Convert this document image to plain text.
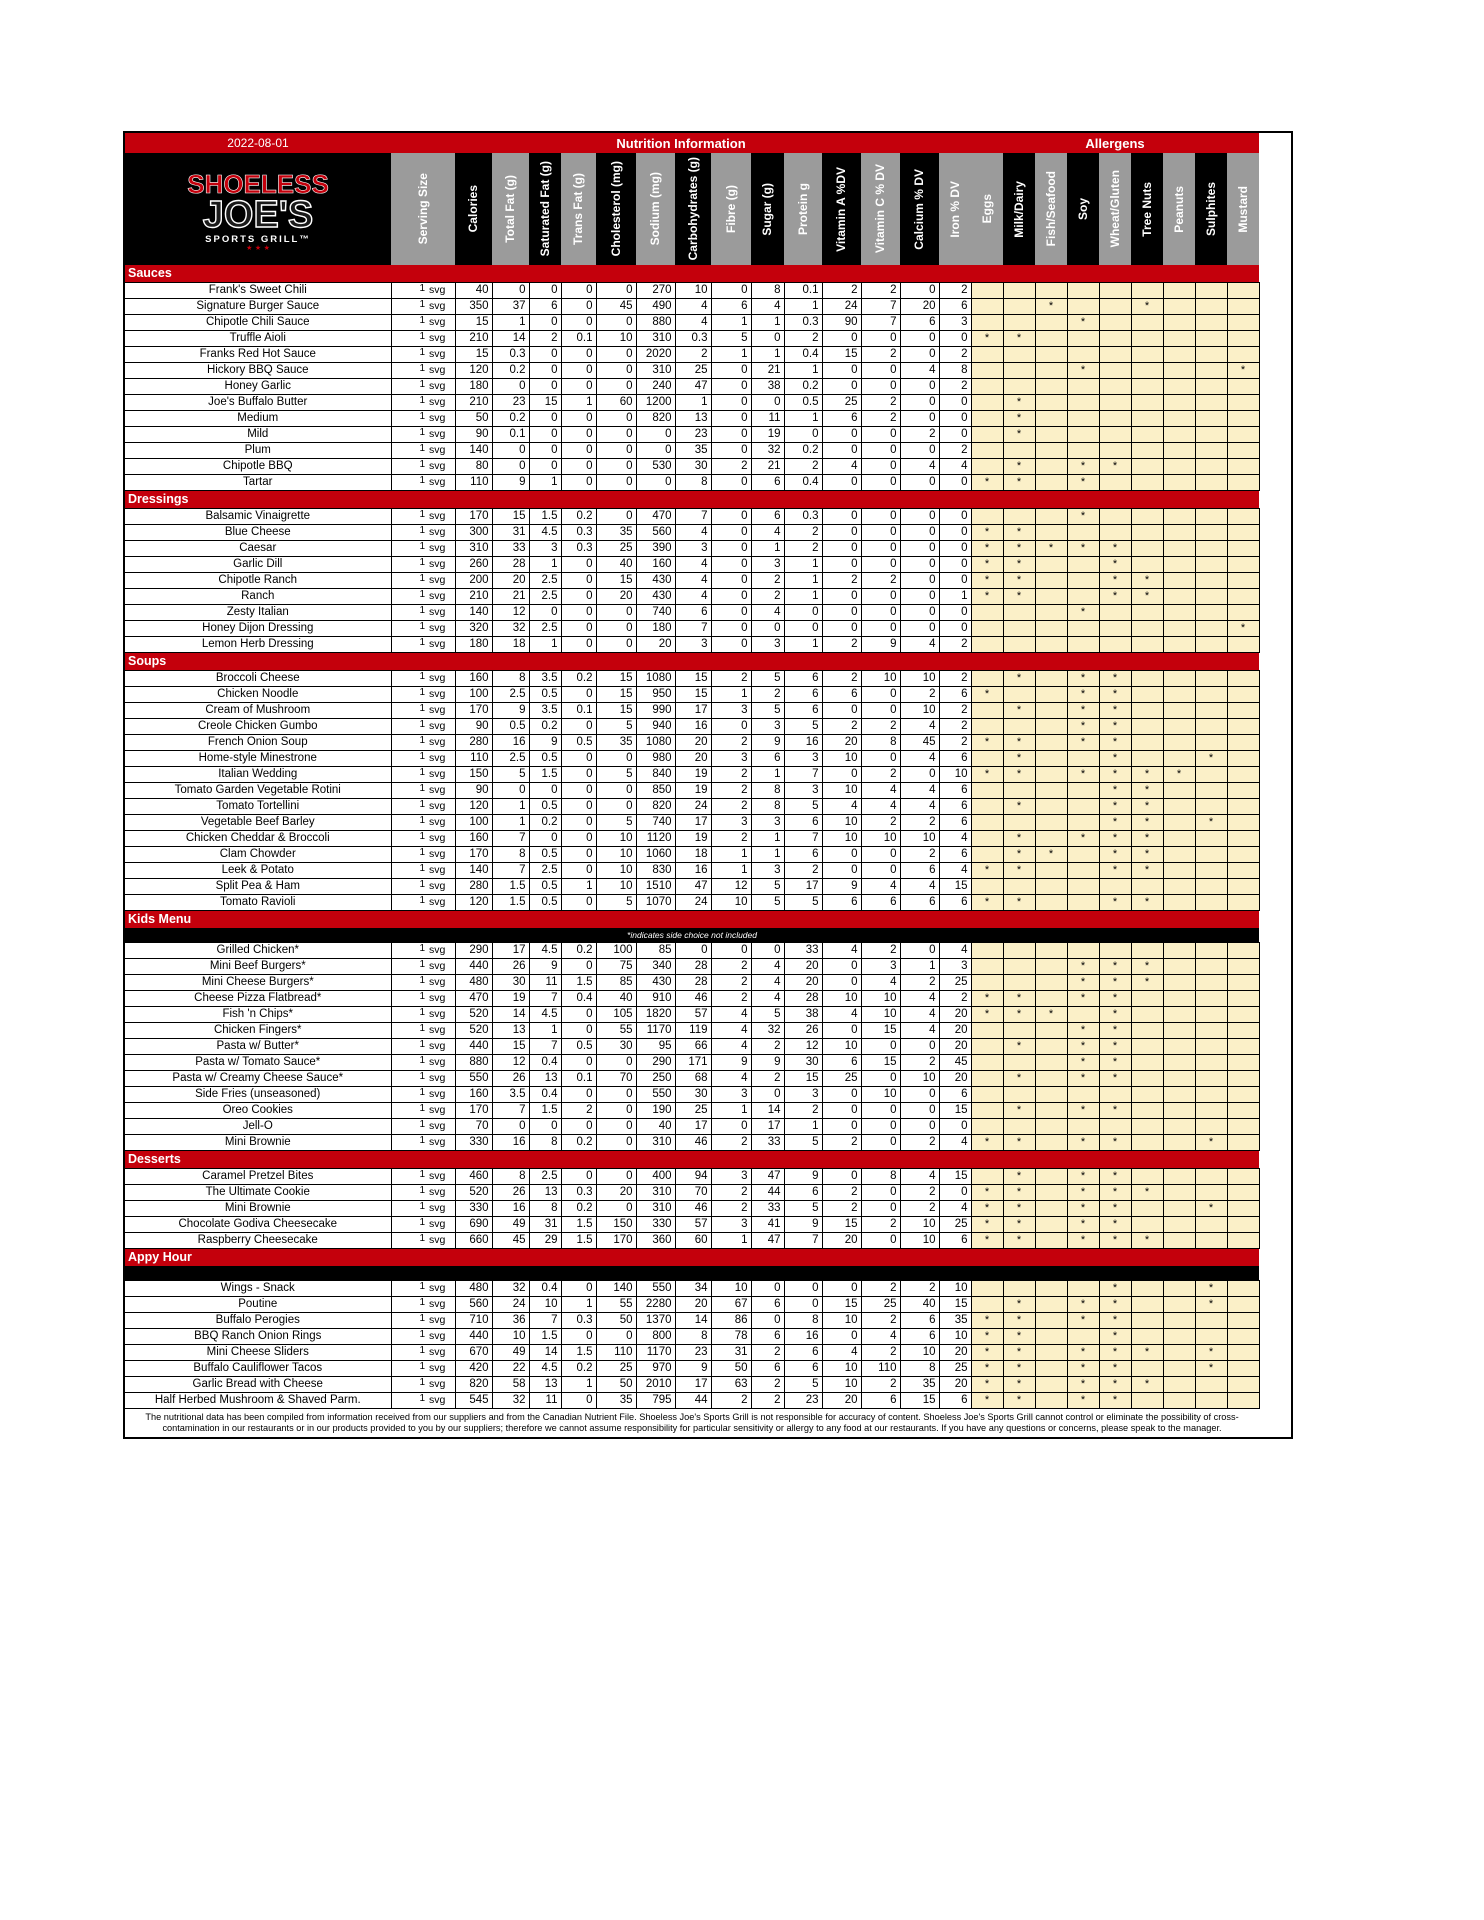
2022-08-01	Nutrition Information																Allergens								

SHOELESS
JOE'S
SPORTS GRILL™
★ ★ ★	Serving Size		Calories	Total Fat (g)	Saturated Fat (g)	Trans Fat (g)	Cholesterol (mg)	Sodium (mg)	Carbohydrates (g)	Fibre (g)	Sugar (g)	Protein g	Vitamin A %DV	Vitamin C % DV	Calcium % DV	Iron % DV	Eggs	Milk/Dairy	Fish/Seafood	Soy	Wheat/Gluten	Tree Nuts	Peanuts	Sulphites	Mustard

Sauces																									
Frank's Sweet Chili	1	svg	40	0	0	0	0	270	10	0	8	0.1	2	2	0	2									
Signature Burger Sauce	1	svg	350	37	6	0	45	490	4	6	4	1	24	7	20	6			*			*			
Chipotle Chili Sauce	1	svg	15	1	0	0	0	880	4	1	1	0.3	90	7	6	3				*					
Truffle Aioli	1	svg	210	14	2	0.1	10	310	0.3	5	0	2	0	0	0	0	*	*							
Franks Red Hot Sauce	1	svg	15	0.3	0	0	0	2020	2	1	1	0.4	15	2	0	2									
Hickory BBQ Sauce	1	svg	120	0.2	0	0	0	310	25	0	21	1	0	0	4	8				*					*
Honey Garlic	1	svg	180	0	0	0	0	240	47	0	38	0.2	0	0	0	2									
Joe's Buffalo Butter	1	svg	210	23	15	1	60	1200	1	0	0	0.5	25	2	0	0		*							
Medium	1	svg	50	0.2	0	0	0	820	13	0	11	1	6	2	0	0		*							
Mild	1	svg	90	0.1	0	0	0	0	23	0	19	0	0	0	2	0		*							
Plum	1	svg	140	0	0	0	0	0	35	0	32	0.2	0	0	0	2									
Chipotle BBQ	1	svg	80	0	0	0	0	530	30	2	21	2	4	0	4	4		*		*	*				
Tartar	1	svg	110	9	1	0	0	0	8	0	6	0.4	0	0	0	0	*	*		*					
Dressings																									
Balsamic Vinaigrette	1	svg	170	15	1.5	0.2	0	470	7	0	6	0.3	0	0	0	0				*					
Blue Cheese	1	svg	300	31	4.5	0.3	35	560	4	0	4	2	0	0	0	0	*	*							
Caesar	1	svg	310	33	3	0.3	25	390	3	0	1	2	0	0	0	0	*	*	*	*	*				
Garlic Dill	1	svg	260	28	1	0	40	160	4	0	3	1	0	0	0	0	*	*			*				
Chipotle Ranch	1	svg	200	20	2.5	0	15	430	4	0	2	1	2	2	0	0	*	*			*	*			
Ranch	1	svg	210	21	2.5	0	20	430	4	0	2	1	0	0	0	1	*	*			*	*			
Zesty Italian	1	svg	140	12	0	0	0	740	6	0	4	0	0	0	0	0				*					
Honey Dijon Dressing	1	svg	320	32	2.5	0	0	180	7	0	0	0	0	0	0	0									*
Lemon Herb Dressing	1	svg	180	18	1	0	0	20	3	0	3	1	2	9	4	2									
Soups																									
Broccoli Cheese	1	svg	160	8	3.5	0.2	15	1080	15	2	5	6	2	10	10	2		*		*	*				
Chicken Noodle	1	svg	100	2.5	0.5	0	15	950	15	1	2	6	6	0	2	6	*			*	*				
Cream of Mushroom	1	svg	170	9	3.5	0.1	15	990	17	3	5	6	0	0	10	2		*		*	*				
Creole Chicken Gumbo	1	svg	90	0.5	0.2	0	5	940	16	0	3	5	2	2	4	2				*	*				
French Onion Soup	1	svg	280	16	9	0.5	35	1080	20	2	9	16	20	8	45	2	*	*		*	*				
Home-style Minestrone	1	svg	110	2.5	0.5	0	0	980	20	3	6	3	10	0	4	6		*			*			*	
Italian Wedding	1	svg	150	5	1.5	0	5	840	19	2	1	7	0	2	0	10	*	*		*	*	*	*		
Tomato Garden Vegetable Rotini	1	svg	90	0	0	0	0	850	19	2	8	3	10	4	4	6					*	*			
Tomato Tortellini	1	svg	120	1	0.5	0	0	820	24	2	8	5	4	4	4	6		*			*	*			
Vegetable Beef Barley	1	svg	100	1	0.2	0	5	740	17	3	3	6	10	2	2	6					*	*		*	
Chicken Cheddar & Broccoli	1	svg	160	7	0	0	10	1120	19	2	1	7	10	10	10	4		*		*	*	*			
Clam Chowder	1	svg	170	8	0.5	0	10	1060	18	1	1	6	0	0	2	6		*	*		*	*			
Leek & Potato	1	svg	140	7	2.5	0	10	830	16	1	3	2	0	0	6	4	*	*			*	*			
Split Pea & Ham	1	svg	280	1.5	0.5	1	10	1510	47	12	5	17	9	4	4	15									
Tomato Ravioli	1	svg	120	1.5	0.5	0	5	1070	24	10	5	5	6	6	6	6	*	*			*	*			
Kids Menu																									
*indicates side choice not included																									
Grilled Chicken*	1	svg	290	17	4.5	0.2	100	85	0	0	0	33	4	2	0	4									
Mini Beef Burgers*	1	svg	440	26	9	0	75	340	28	2	4	20	0	3	1	3				*	*	*			
Mini Cheese Burgers*	1	svg	480	30	11	1.5	85	430	28	2	4	20	0	4	2	25				*	*	*			
Cheese Pizza Flatbread*	1	svg	470	19	7	0.4	40	910	46	2	4	28	10	10	4	2	*	*		*	*				
Fish 'n Chips*	1	svg	520	14	4.5	0	105	1820	57	4	5	38	4	10	4	20	*	*	*		*				
Chicken Fingers*	1	svg	520	13	1	0	55	1170	119	4	32	26	0	15	4	20				*	*				
Pasta w/ Butter*	1	svg	440	15	7	0.5	30	95	66	4	2	12	10	0	0	20		*		*	*				
Pasta w/ Tomato Sauce*	1	svg	880	12	0.4	0	0	290	171	9	9	30	6	15	2	45				*	*				
Pasta w/ Creamy Cheese Sauce*	1	svg	550	26	13	0.1	70	250	68	4	2	15	25	0	10	20		*		*	*				
Side Fries (unseasoned)	1	svg	160	3.5	0.4	0	0	550	30	3	0	3	0	10	0	6									
Oreo Cookies	1	svg	170	7	1.5	2	0	190	25	1	14	2	0	0	0	15		*		*	*				
Jell-O	1	svg	70	0	0	0	0	40	17	0	17	1	0	0	0	0									
Mini Brownie	1	svg	330	16	8	0.2	0	310	46	2	33	5	2	0	2	4	*	*		*	*			*	
Desserts																									
Caramel Pretzel Bites	1	svg	460	8	2.5	0	0	400	94	3	47	9	0	8	4	15		*		*	*				
The Ultimate Cookie	1	svg	520	26	13	0.3	20	310	70	2	44	6	2	0	2	0	*	*		*	*	*			
Mini Brownie	1	svg	330	16	8	0.2	0	310	46	2	33	5	2	0	2	4	*	*		*	*			*	
Chocolate Godiva Cheesecake	1	svg	690	49	31	1.5	150	330	57	3	41	9	15	2	10	25	*	*		*	*				
Raspberry Cheesecake	1	svg	660	45	29	1.5	170	360	60	1	47	7	20	0	10	6	*	*		*	*	*			
Appy Hour																									

Wings - Snack	1	svg	480	32	0.4	0	140	550	34	10	0	0	0	2	2	10					*			*	
Poutine	1	svg	560	24	10	1	55	2280	20	67	6	0	15	25	40	15		*		*	*			*	
Buffalo Perogies	1	svg	710	36	7	0.3	50	1370	14	86	0	8	10	2	6	35	*	*		*	*				
BBQ Ranch Onion Rings	1	svg	440	10	1.5	0	0	800	8	78	6	16	0	4	6	10	*	*			*				
Mini Cheese Sliders	1	svg	670	49	14	1.5	110	1170	23	31	2	6	4	2	10	20	*	*		*	*	*		*	
Buffalo Cauliflower Tacos	1	svg	420	22	4.5	0.2	25	970	9	50	6	6	10	110	8	25	*	*		*	*			*	
Garlic Bread with Cheese	1	svg	820	58	13	1	50	2010	17	63	2	5	10	2	35	20	*	*		*	*	*			
Half Herbed Mushroom & Shaved Parm.	1	svg	545	32	11	0	35	795	44	2	2	23	20	6	15	6	*	*		*	*				
The nutritional data has been compiled from information received from our suppliers and from the Canadian Nutrient File. Shoeless Joe's Sports Grill is not responsible for accuracy of content. Shoeless Joe's Sports Grill cannot control or eliminate the possibility of cross-contamination in our restaurants or in our products provided to you by our suppliers; therefore we cannot assume responsibility for particular sensitivity or allergy to any food at our restaurants. If you have any questions or concerns, please speak to the manager.																									
